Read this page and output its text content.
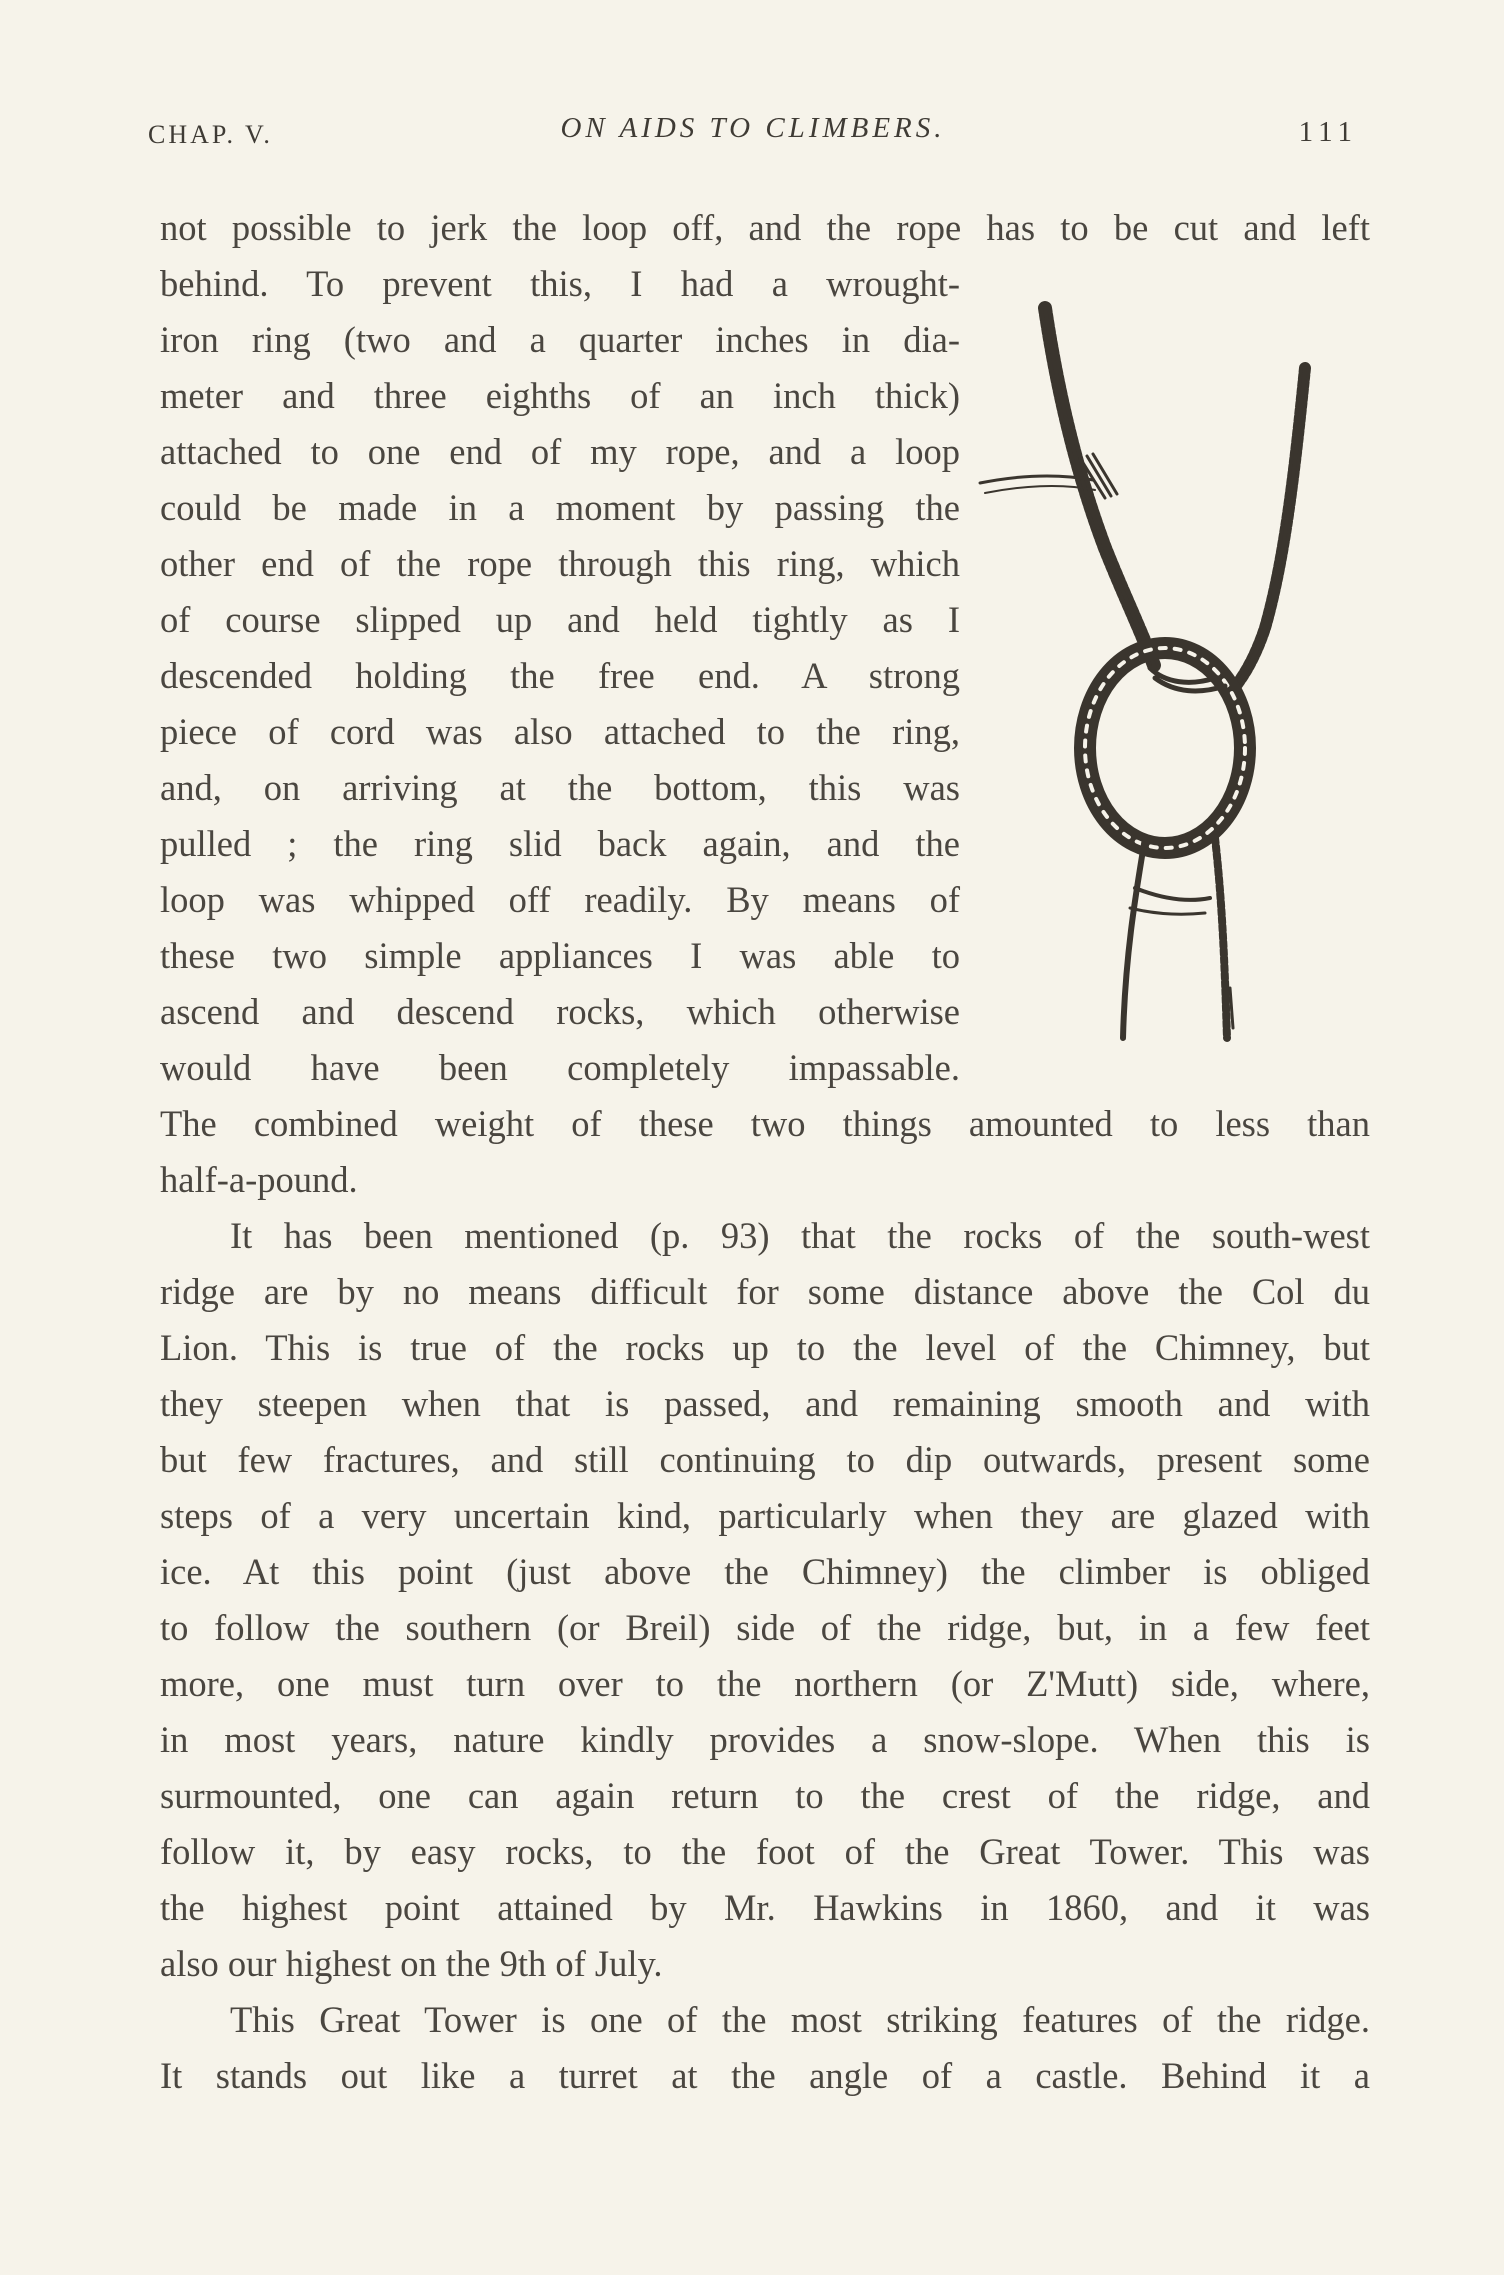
CHAP. V.	ON AIDS TO CLIMBERS.	111
not possible to jerk the loop off, and the rope has to be cut and left
behind. To prevent this, I had a wrought-
iron ring (two and a quarter inches in dia-
meter and three eighths of an inch thick)
attached to one end of my rope, and a loop
could be made in a moment by passing the
other end of the rope through this ring, which
of course slipped up and held tightly as I
descended holding the free end. A strong
piece of cord was also attached to the ring,
and, on arriving at the bottom, this was
pulled ; the ring slid back again, and the
loop was whipped off readily. By means of
these two simple appliances I was able to
ascend and descend rocks, which otherwise
would have been completely impassable.
The combined weight of these two things amounted to less than
half-a-pound.
It has been mentioned (p. 93) that the rocks of the south-west
ridge are by no means difficult for some distance above the Col du
Lion. This is true of the rocks up to the level of the Chimney, but
they steepen when that is passed, and remaining smooth and with
but few fractures, and still continuing to dip outwards, present some
steps of a very uncertain kind, particularly when they are glazed with
ice. At this point (just above the Chimney) the climber is obliged
to follow the southern (or Breil) side of the ridge, but, in a few feet
more, one must turn over to the northern (or Z'Mutt) side, where,
in most years, nature kindly provides a snow-slope. When this is
surmounted, one can again return to the crest of the ridge, and
follow it, by easy rocks, to the foot of the Great Tower. This was
the highest point attained by Mr. Hawkins in 1860, and it was
also our highest on the 9th of July.
This Great Tower is one of the most striking features of the ridge.
It stands out like a turret at the angle of a castle. Behind it a
